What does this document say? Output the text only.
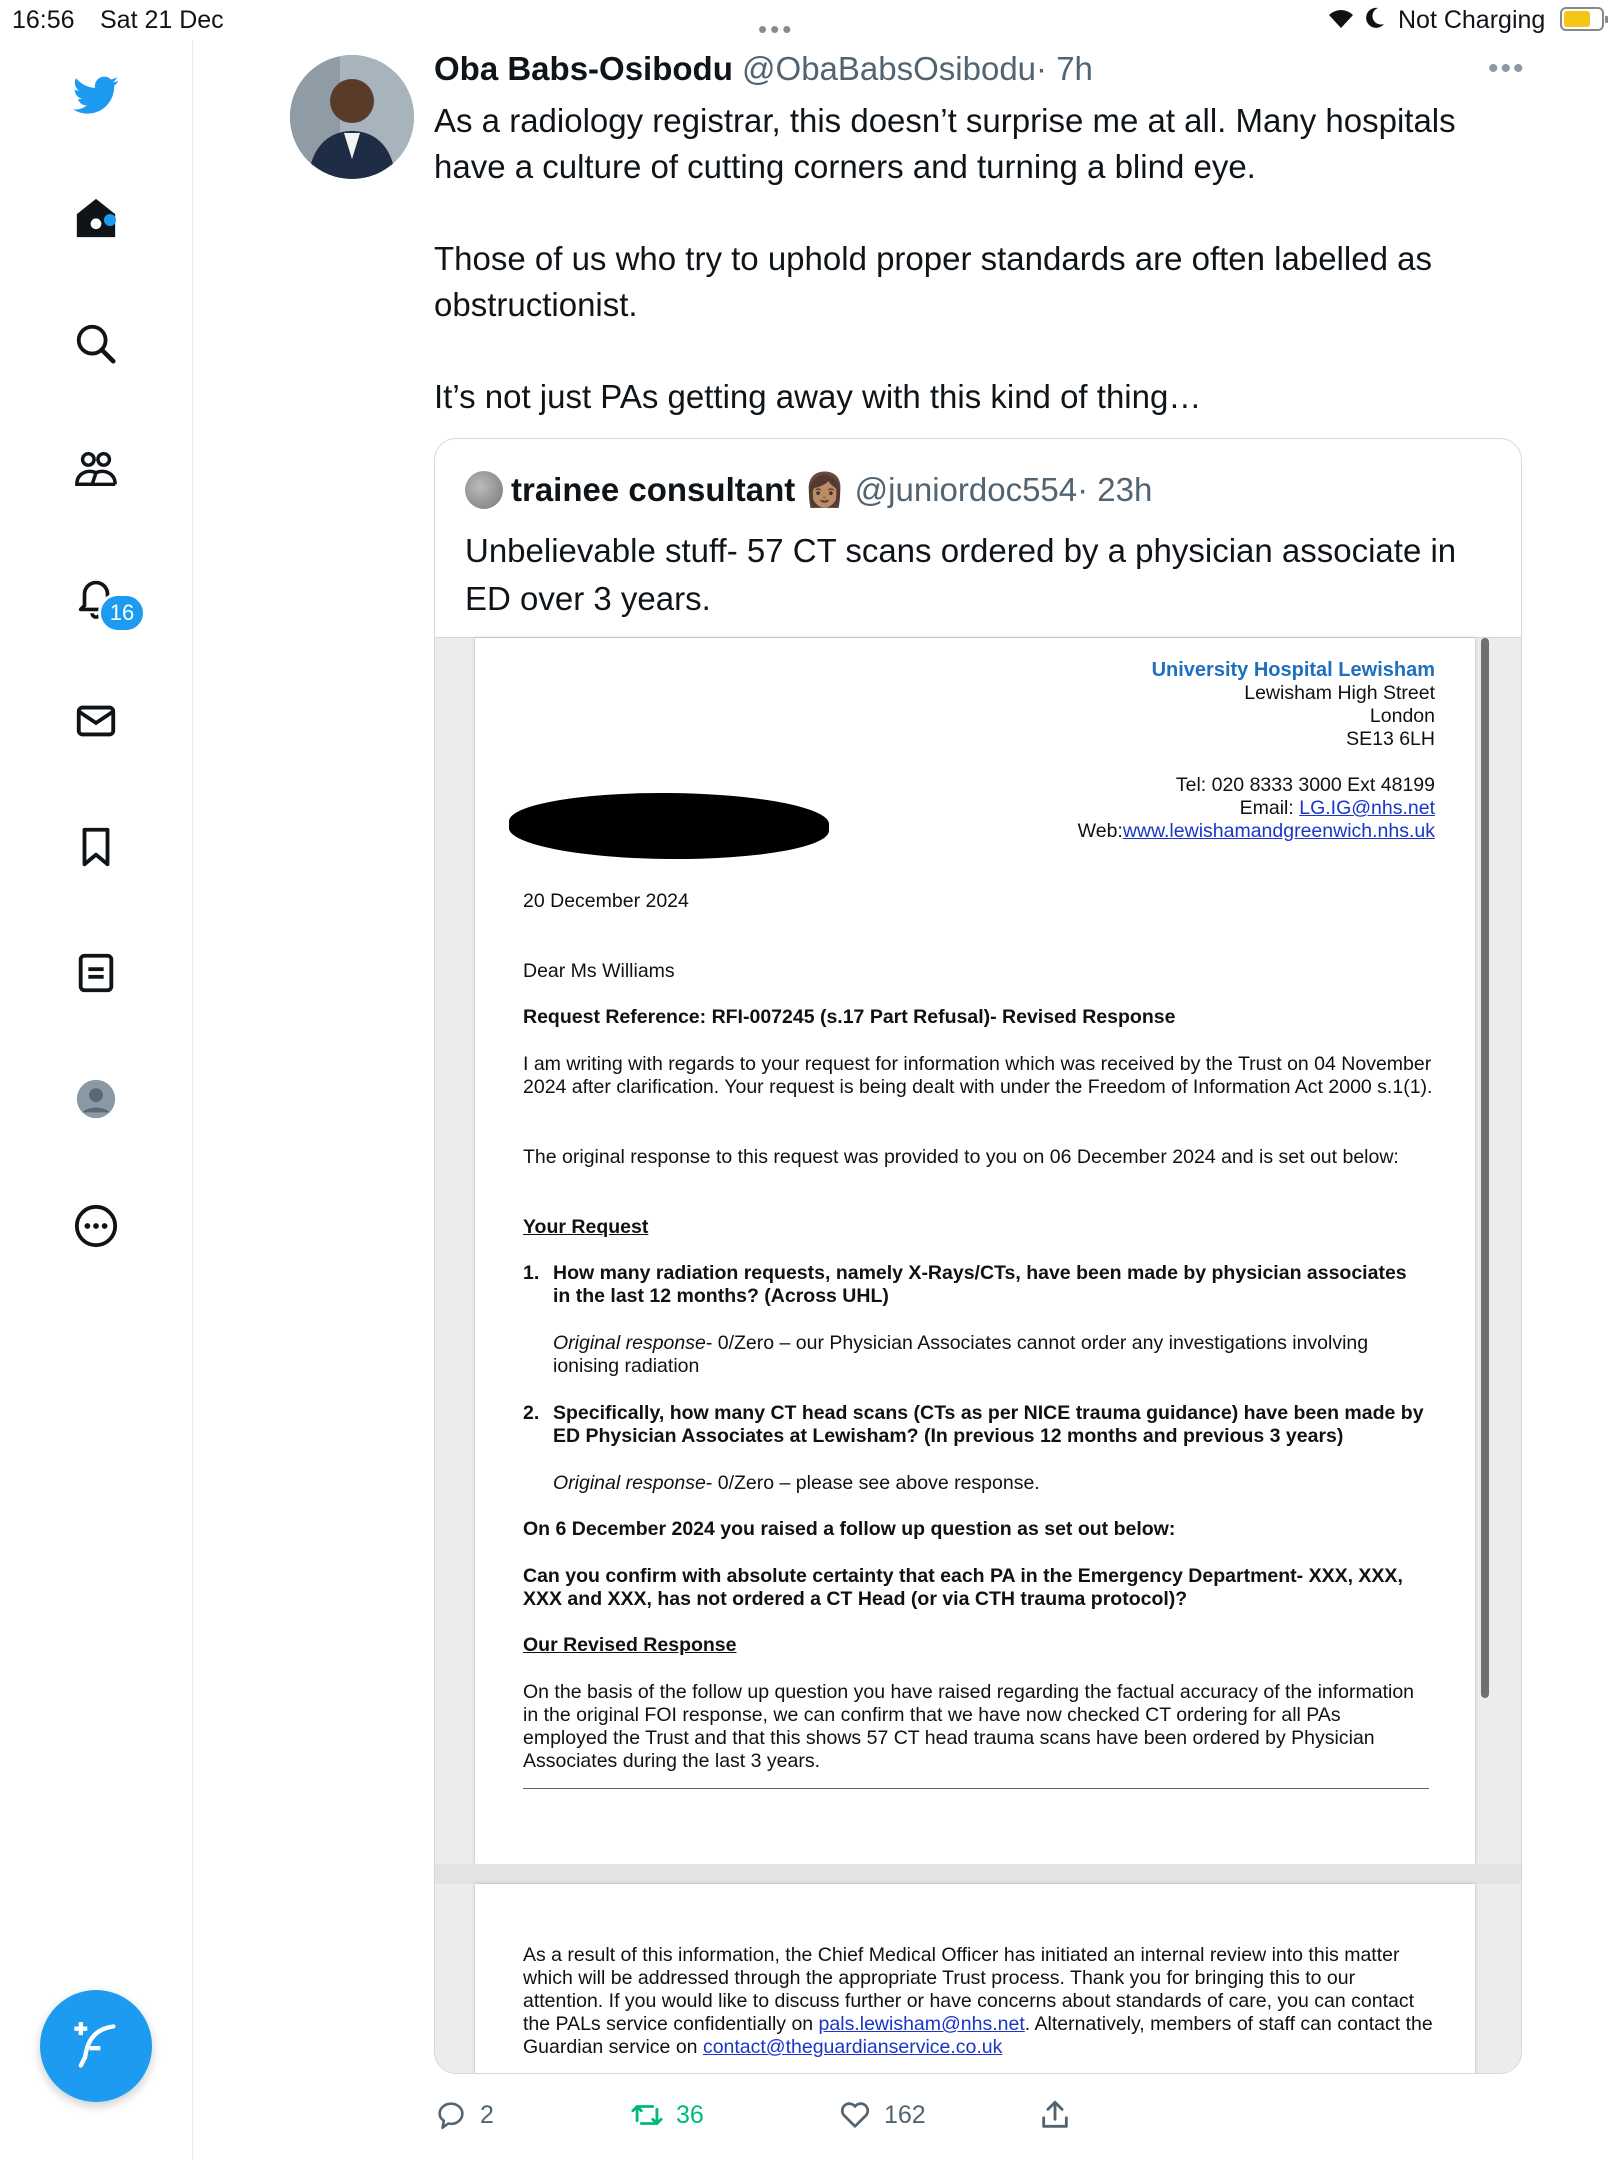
16:56 Sat 21 Dec	Not Charging
•••
16
Oba Babs-Osibodu @ObaBabsOsibodu· 7h	•••
As a radiology registrar, this doesn’t surprise me at all. Many hospitals have a culture of cutting corners and turning a blind eye.

Those of us who try to uphold proper standards are often labelled as obstructionist.

It’s not just PAs getting away with this kind of thing…
trainee consultant 👩🏽 @juniordoc554· 23h
Unbelievable stuff- 57 CT scans ordered by a physician associate in ED over 3 years.
University Hospital Lewisham
Lewisham High Street
London
SE13 6LH
Tel: 020 8333 3000 Ext 48199
Email: LG.IG@nhs.net
Web:www.lewishamandgreenwich.nhs.uk
20 December 2024
Dear Ms Williams
Request Reference: RFI-007245 (s.17 Part Refusal)- Revised Response
I am writing with regards to your request for information which was received by the Trust on 04 November 2024 after clarification. Your request is being dealt with under the Freedom of Information Act 2000 s.1(1).
The original response to this request was provided to you on 06 December 2024 and is set out below:
Your Request
1. How many radiation requests, namely X-Rays/CTs, have been made by physician associates in the last 12 months? (Across UHL)
Original response- 0/Zero – our Physician Associates cannot order any investigations involving ionising radiation
2. Specifically, how many CT head scans (CTs as per NICE trauma guidance) have been made by ED Physician Associates at Lewisham? (In previous 12 months and previous 3 years)
Original response- 0/Zero – please see above response.
On 6 December 2024 you raised a follow up question as set out below:
Can you confirm with absolute certainty that each PA in the Emergency Department- XXX, XXX, XXX and XXX, has not ordered a CT Head (or via CTH trauma protocol)?
Our Revised Response
On the basis of the follow up question you have raised regarding the factual accuracy of the information in the original FOI response, we can confirm that we have now checked CT ordering for all PAs employed the Trust and that this shows 57 CT head trauma scans have been ordered by Physician Associates during the last 3 years.
As a result of this information, the Chief Medical Officer has initiated an internal review into this matter which will be addressed through the appropriate Trust process. Thank you for bringing this to our attention. If you would like to discuss further or have concerns about standards of care, you can contact the PALs service confidentially on pals.lewisham@nhs.net. Alternatively, members of staff can contact the Guardian service on contact@theguardianservice.co.uk
2	36	162
